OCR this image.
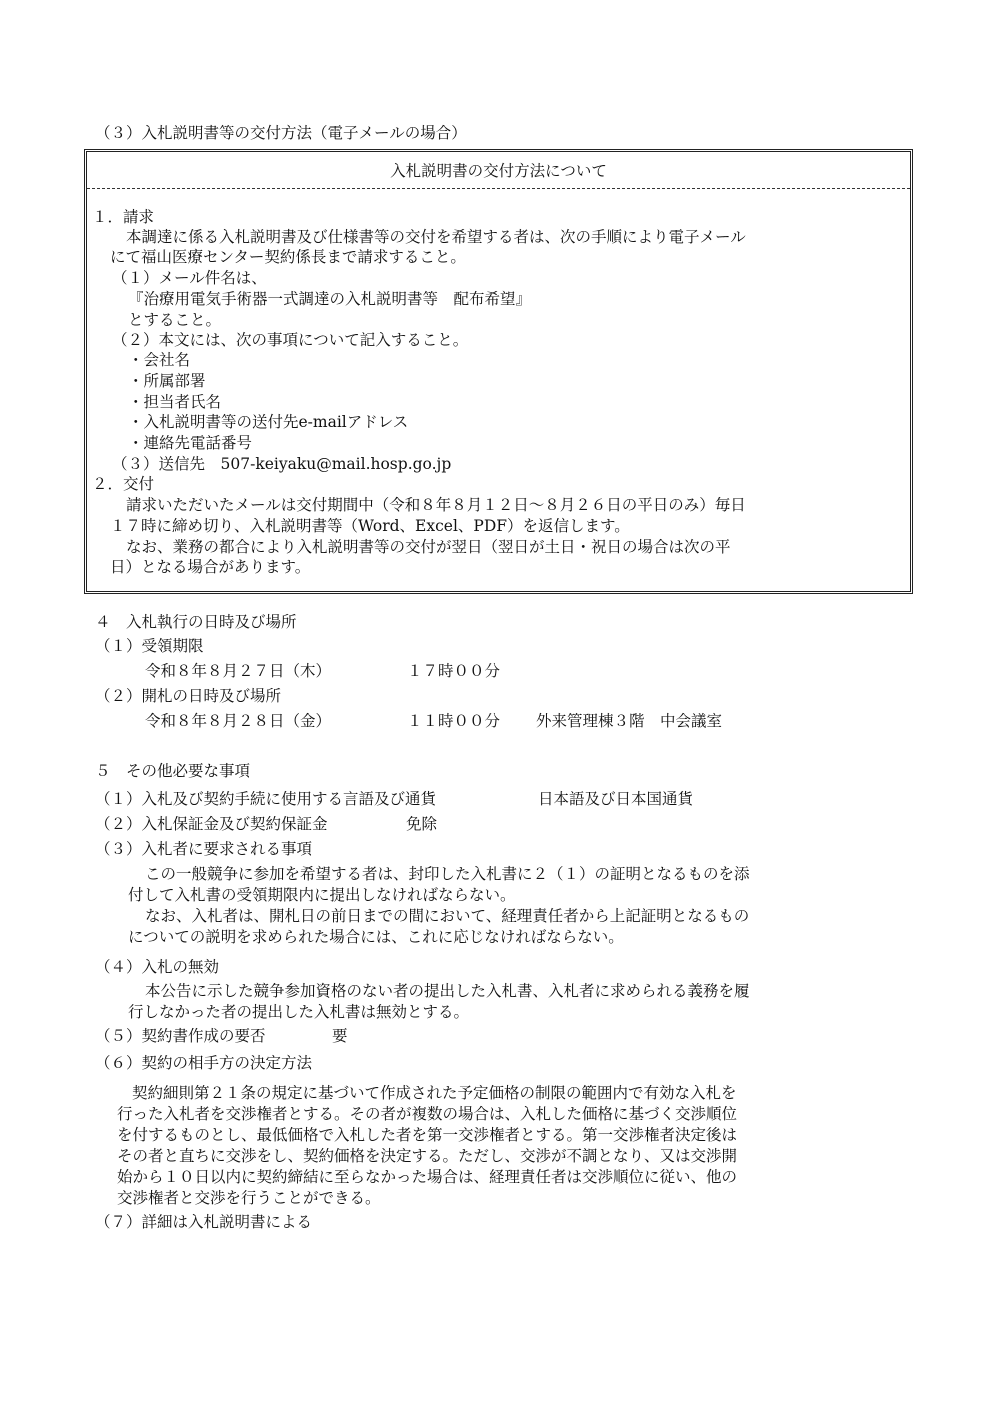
（３）入札説明書等の交付方法（電子メールの場合）
入札説明書の交付方法について
１．請求
本調達に係る入札説明書及び仕様書等の交付を希望する者は、次の手順により電子メール
にて福山医療センター契約係長まで請求すること。
（１）メール件名は、
『治療用電気手術器一式調達の入札説明書等　配布希望』
とすること。
（２）本文には、次の事項について記入すること。
・会社名
・所属部署
・担当者氏名
・入札説明書等の送付先e-mailアドレス
・連絡先電話番号
（３）送信先　507-keiyaku@mail.hosp.go.jp
２．交付
請求いただいたメールは交付期間中（令和８年８月１２日～８月２６日の平日のみ）毎日
１７時に締め切り、入札説明書等（Word、Excel、PDF）を返信します。
なお、業務の都合により入札説明書等の交付が翌日（翌日が土日・祝日の場合は次の平
日）となる場合があります。
４　入札執行の日時及び場所
（１）受領期限
令和８年８月２７日（木）	１７時００分
（２）開札の日時及び場所
令和８年８月２８日（金）	１１時００分 外来管理棟３階　中会議室
５　その他必要な事項
（１）入札及び契約手続に使用する言語及び通貨	日本語及び日本国通貨
（２）入札保証金及び契約保証金	免除
（３）入札者に要求される事項
この一般競争に参加を希望する者は、封印した入札書に２（１）の証明となるものを添
付して入札書の受領期限内に提出しなければならない。
なお、入札者は、開札日の前日までの間において、経理責任者から上記証明となるもの
についての説明を求められた場合には、これに応じなければならない。
（４）入札の無効
本公告に示した競争参加資格のない者の提出した入札書、入札者に求められる義務を履
行しなかった者の提出した入札書は無効とする。
（５）契約書作成の要否	要
（６）契約の相手方の決定方法
契約細則第２１条の規定に基づいて作成された予定価格の制限の範囲内で有効な入札を
行った入札者を交渉権者とする。その者が複数の場合は、入札した価格に基づく交渉順位
を付するものとし、最低価格で入札した者を第一交渉権者とする。第一交渉権者決定後は
その者と直ちに交渉をし、契約価格を決定する。ただし、交渉が不調となり、又は交渉開
始から１０日以内に契約締結に至らなかった場合は、経理責任者は交渉順位に従い、他の
交渉権者と交渉を行うことができる。
（７）詳細は入札説明書による
